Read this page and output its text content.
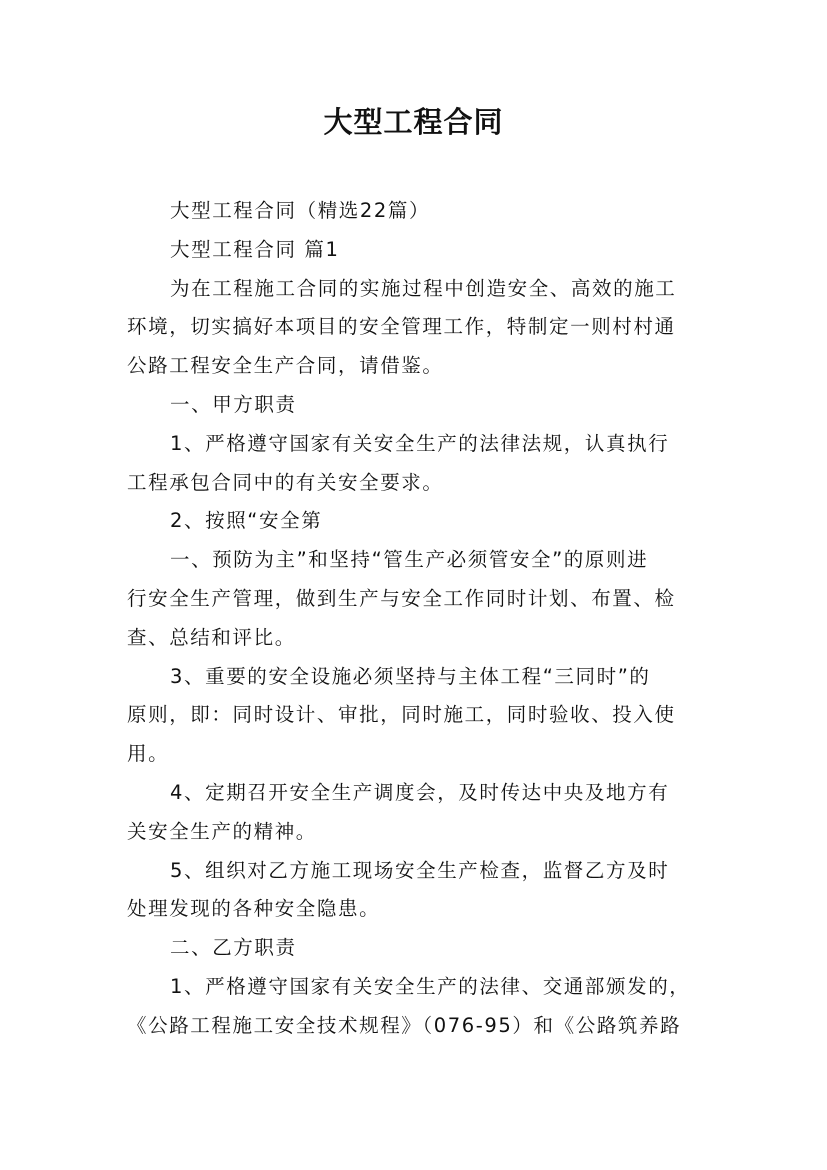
大型工程合同

大型工程合同（精选22篇）

大型工程合同 篇1

为在工程施工合同的实施过程中创造安全、高效的施工

环境，切实搞好本项目的安全管理工作，特制定一则村村通

公路工程安全生产合同，请借鉴。

一、甲方职责

1、严格遵守国家有关安全生产的法律法规，认真执行

工程承包合同中的有关安全要求。

2、按照“安全第

一、预防为主”和坚持“管生产必须管安全”的原则进

行安全生产管理，做到生产与安全工作同时计划、布置、检

查、总结和评比。

3、重要的安全设施必须坚持与主体工程“三同时”的

原则，即：同时设计、审批，同时施工，同时验收、投入使

用。

4、定期召开安全生产调度会，及时传达中央及地方有

关安全生产的精神。

5、组织对乙方施工现场安全生产检查，监督乙方及时

处理发现的各种安全隐患。

二、乙方职责

1、严格遵守国家有关安全生产的法律、交通部颁发的，

《公路工程施工安全技术规程》（076-95）和《公路筑养路
